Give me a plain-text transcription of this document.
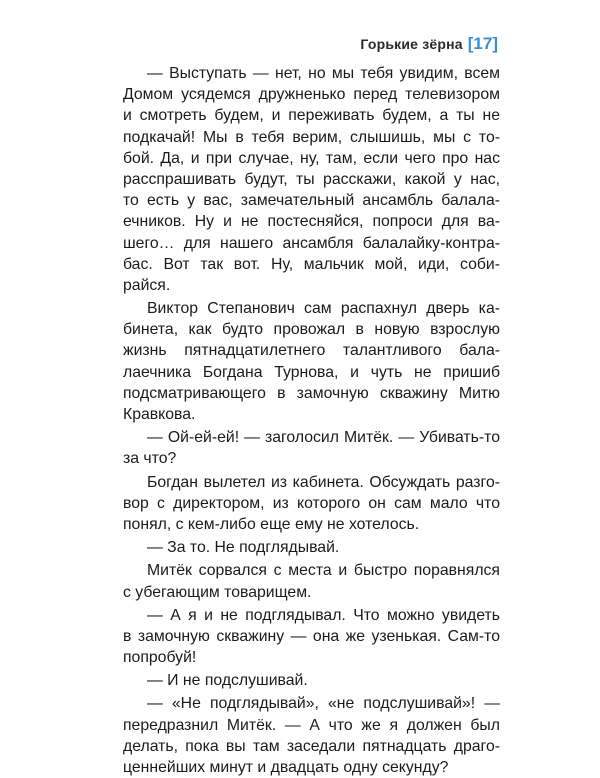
Горькие зёрна [17]
— Выступать — нет, но мы тебя увидим, всем
Домом усядемся дружненько перед телевизором
и смотреть будем, и переживать будем, а ты не
подкачай! Мы в тебя верим, слышишь, мы с то-
бой. Да, и при случае, ну, там, если чего про нас
расспрашивать будут, ты расскажи, какой у нас,
то есть у вас, замечательный ансамбль балала-
ечников. Ну и не постесняйся, попроси для ва-
шего… для нашего ансамбля балалайку-контра-
бас. Вот так вот. Ну, мальчик мой, иди, соби-
райся.
Виктор Степанович сам распахнул дверь ка-
бинета, как будто провожал в новую взрослую
жизнь пятнадцатилетнего талантливого бала-
лаечника Богдана Турнова, и чуть не пришиб
подсматривающего в замочную скважину Митю
Кравкова.
— Ой-ей-ей! — заголосил Митёк. — Убивать-то
за что?
Богдан вылетел из кабинета. Обсуждать разго-
вор с директором, из которого он сам мало что
понял, с кем-либо еще ему не хотелось.
— За то. Не подглядывай.
Митёк сорвался с места и быстро поравнялся
с убегающим товарищем.
— А я и не подглядывал. Что можно увидеть
в замочную скважину — она же узенькая. Сам-то
попробуй!
— И не подслушивай.
— «Не подглядывай», «не подслушивай»! —
передразнил Митёк. — А что же я должен был
делать, пока вы там заседали пятнадцать драго-
ценнейших минут и двадцать одну секунду?
